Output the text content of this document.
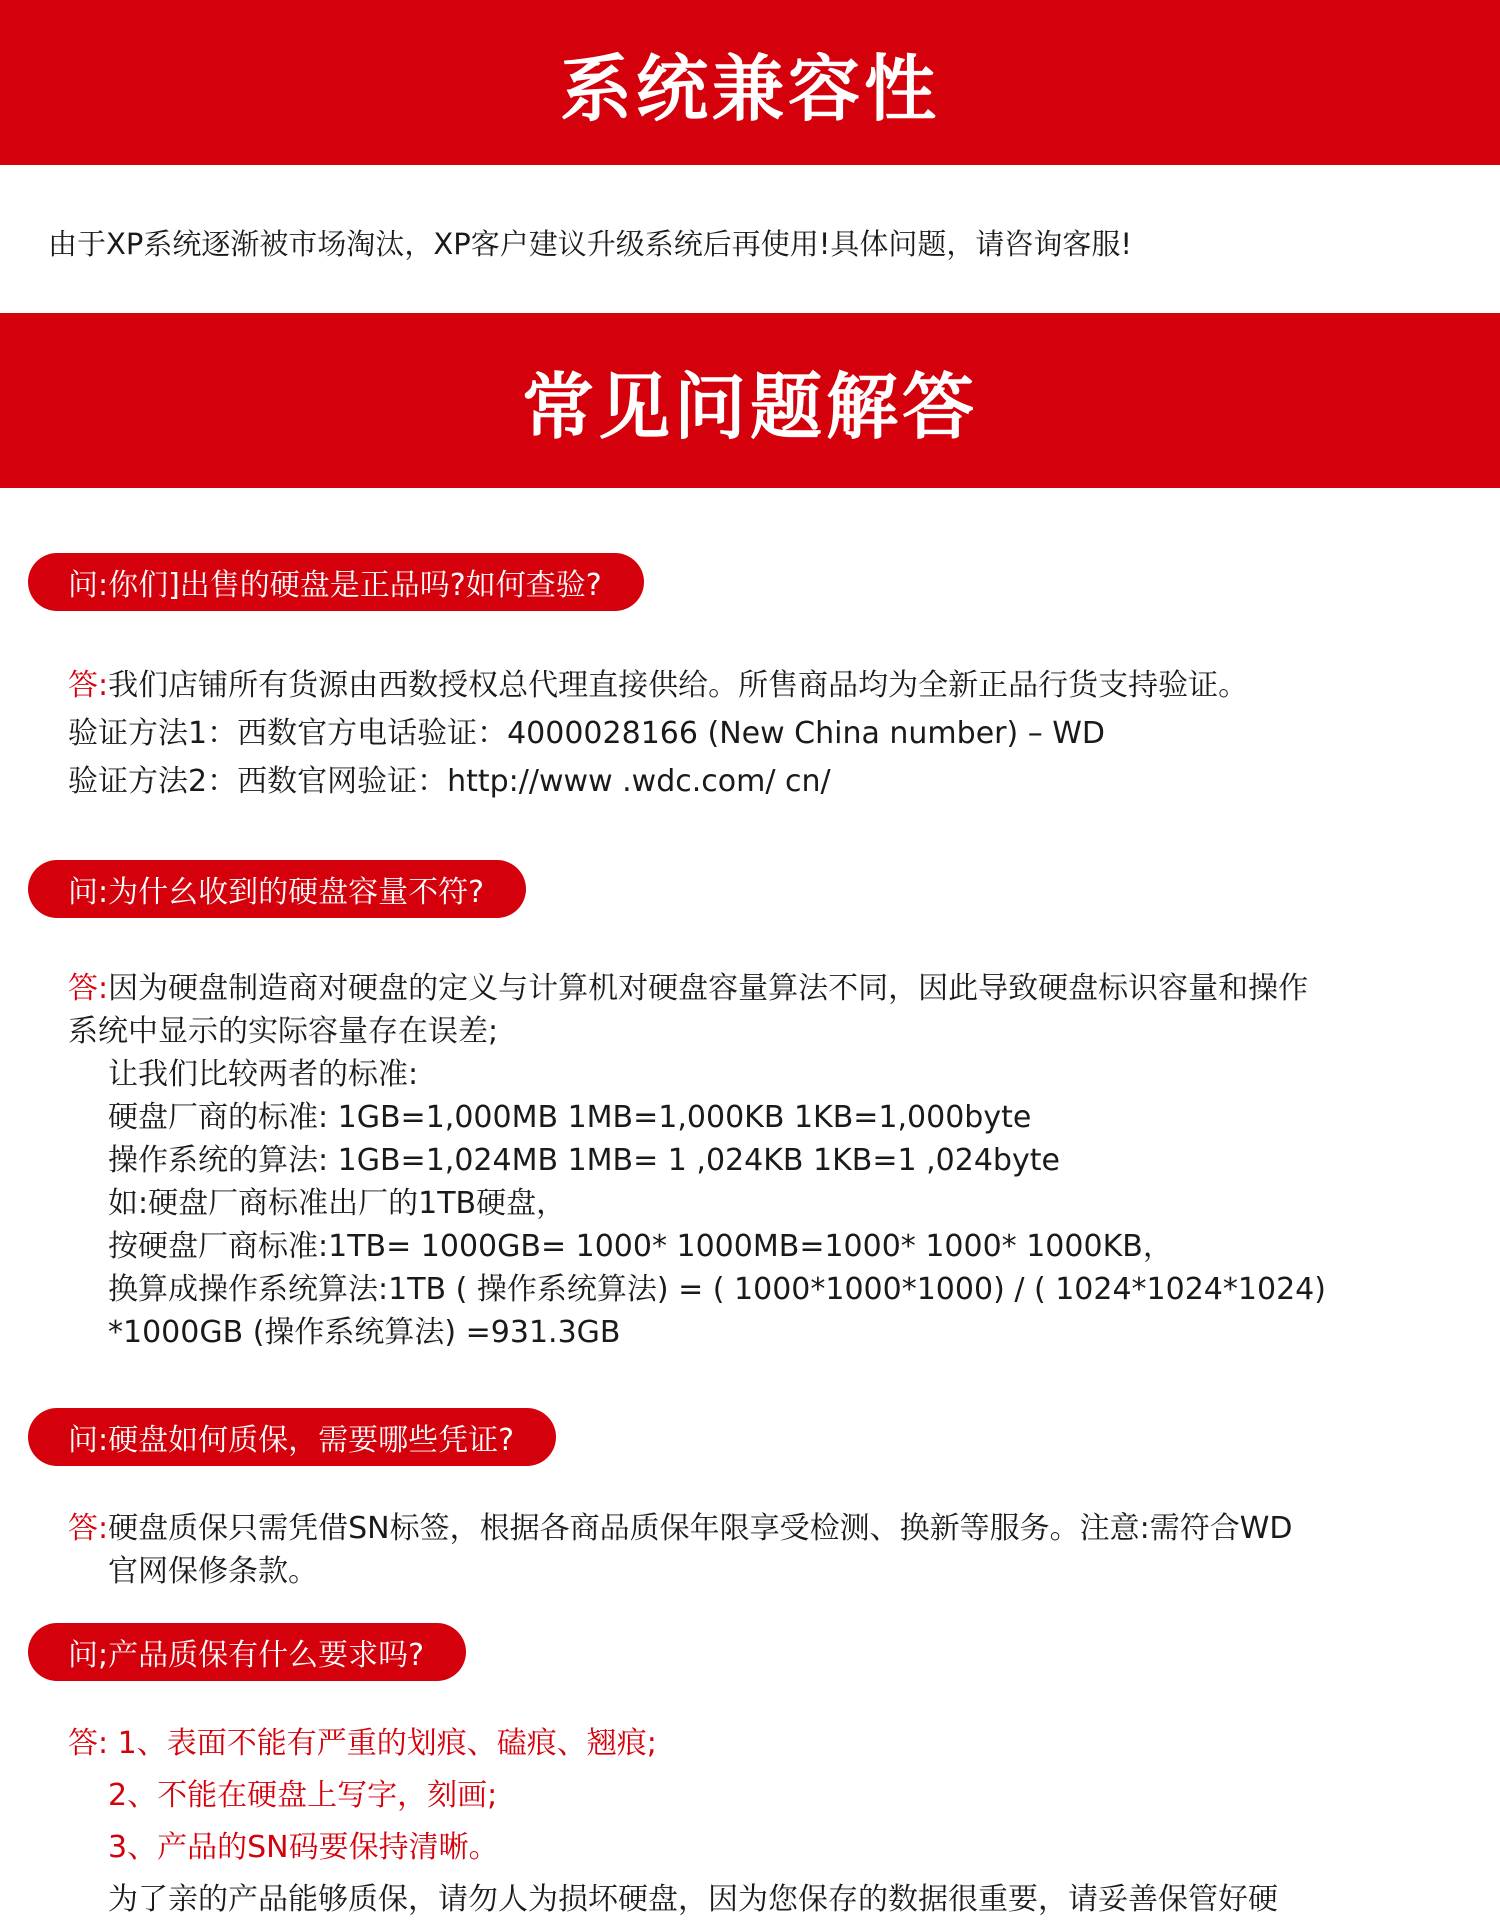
系统兼容性
由于XP系统逐渐被市场淘汰，XP客户建议升级系统后再使用!具体问题，请咨询客服!
常见问题解答
问:你们]出售的硬盘是正品吗?如何查验?
答:我们店铺所有货源由西数授权总代理直接供给。所售商品均为全新正品行货支持验证。
验证方法1：西数官方电话验证：4000028166 (New China number) – WD
验证方法2：西数官网验证：http://www .wdc.com/ cn/
问:为什幺收到的硬盘容量不符?
答:因为硬盘制造商对硬盘的定义与计算机对硬盘容量算法不同，因此导致硬盘标识容量和操作
系统中显示的实际容量存在误差;
让我们比较两者的标准:
硬盘厂商的标准: 1GB=1,000MB 1MB=1,000KB 1KB=1,000byte
操作系统的算法: 1GB=1,024MB 1MB= 1 ,024KB 1KB=1 ,024byte
如:硬盘厂商标准出厂的1TB硬盘，
按硬盘厂商标准:1TB= 1000GB= 1000* 1000MB=1000* 1000* 1000KB，
换算成操作系统算法:1TB ( 操作系统算法) = ( 1000*1000*1000) / ( 1024*1024*1024)
*1000GB (操作系统算法) =931.3GB
问:硬盘如何质保，需要哪些凭证?
答:硬盘质保只需凭借SN标签，根据各商品质保年限享受检测、换新等服务。注意:需符合WD
官网保修条款。
问;产品质保有什么要求吗?
答: 1、表面不能有严重的划痕、磕痕、翘痕;
2、不能在硬盘上写字，刻画;
3、产品的SN码要保持清晰。
为了亲的产品能够质保，请勿人为损坏硬盘，因为您保存的数据很重要，请妥善保管好硬
